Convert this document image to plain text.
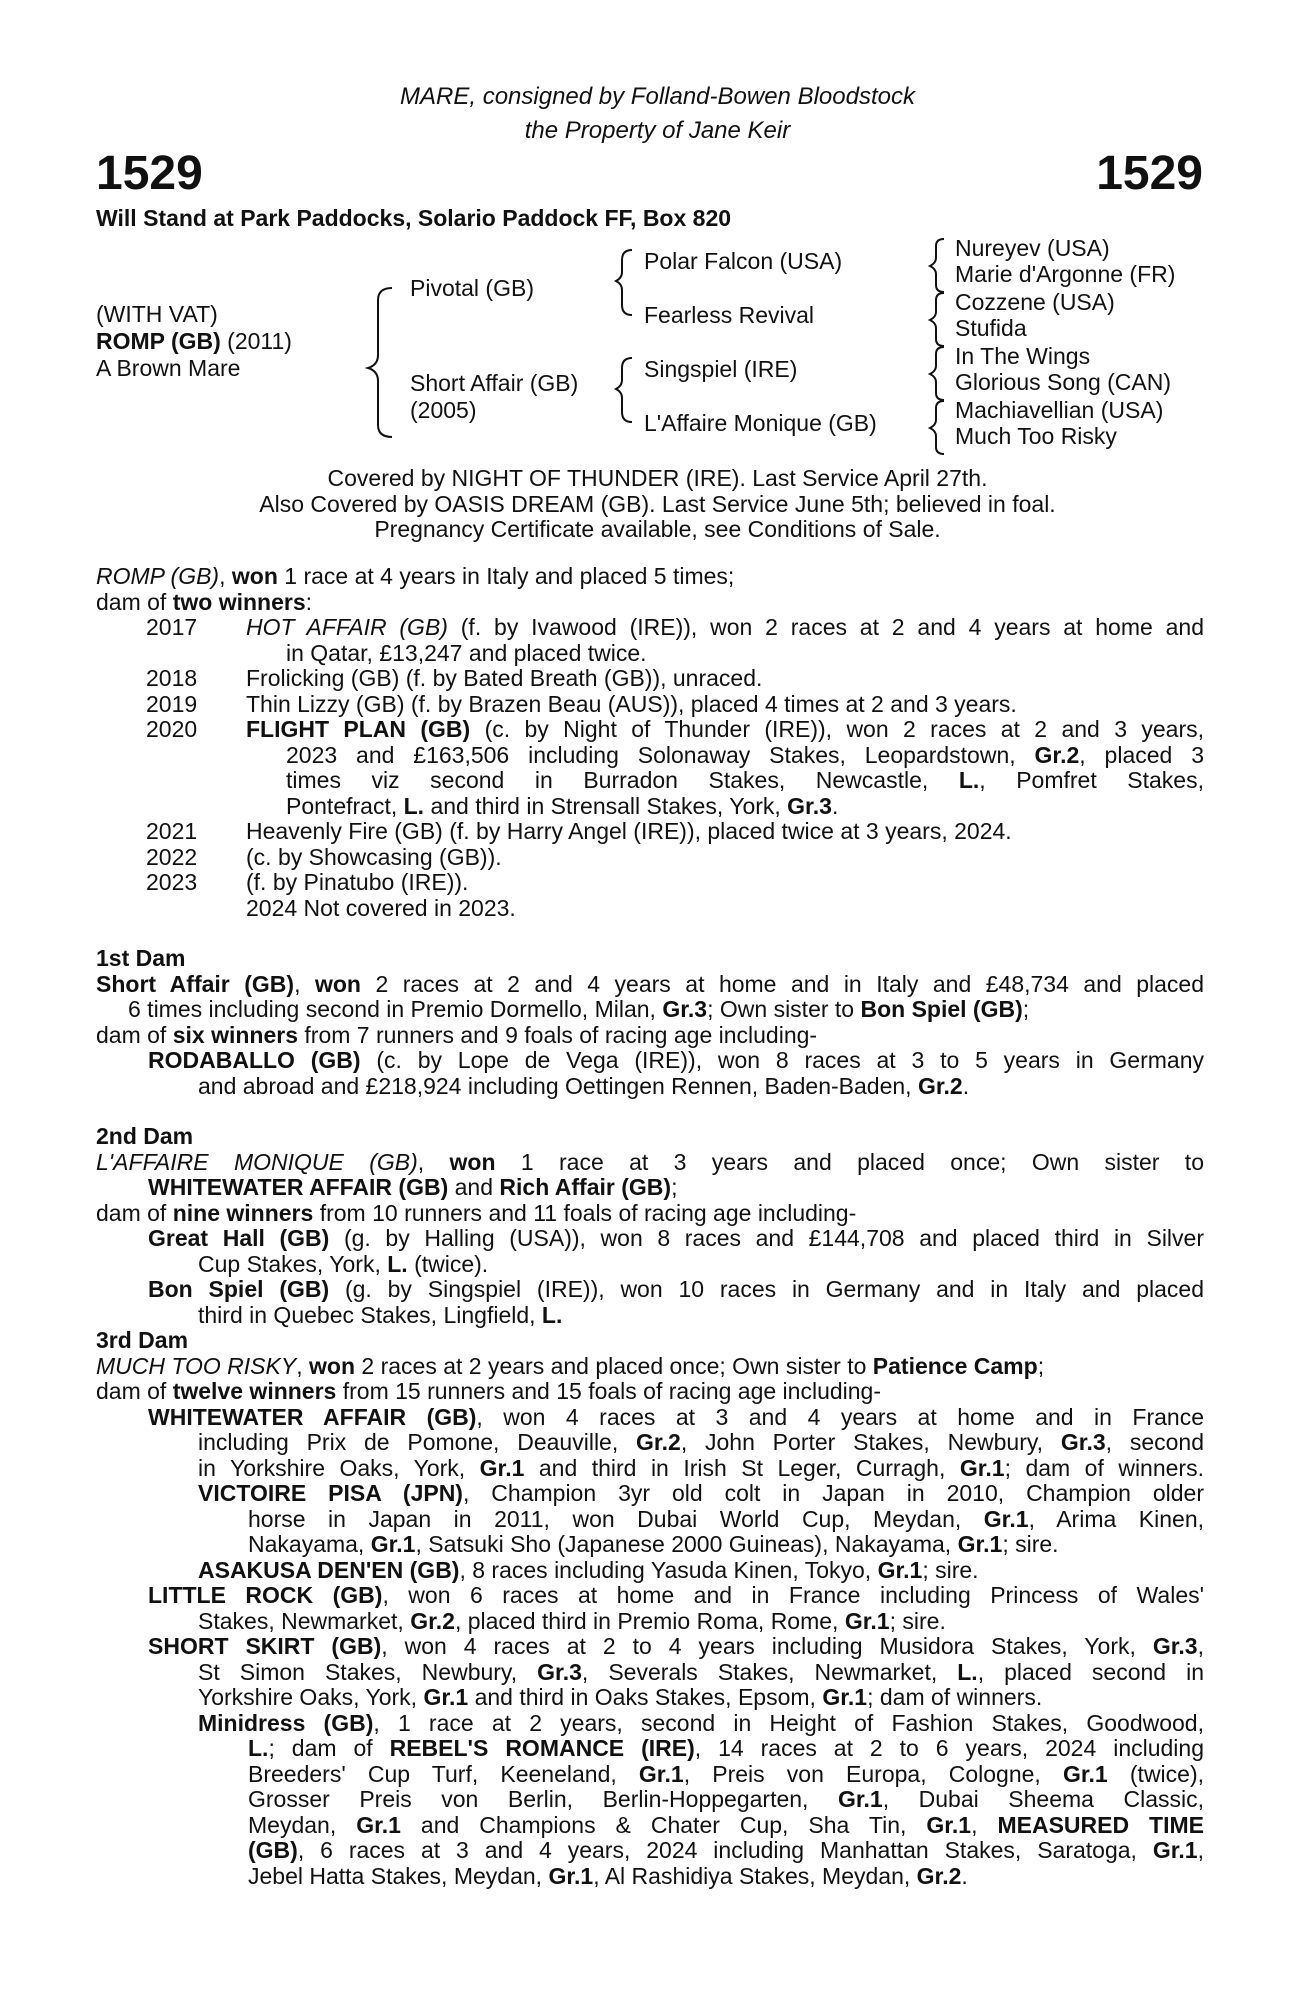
MARE, consigned by Folland-Bowen Bloodstock
the Property of Jane Keir
1529	1529
Will Stand at Park Paddocks, Solario Paddock FF, Box 820
(WITH VAT)
ROMP (GB) (2011)
A Brown Mare
Pivotal (GB)
Short Affair (GB)
(2005)
Polar Falcon (USA)
Fearless Revival
Singspiel (IRE)
L'Affaire Monique (GB)
Nureyev (USA)
Marie d'Argonne (FR)
Cozzene (USA)
Stufida
In The Wings
Glorious Song (CAN)
Machiavellian (USA)
Much Too Risky
Covered by NIGHT OF THUNDER (IRE). Last Service April 27th.
Also Covered by OASIS DREAM (GB). Last Service June 5th; believed in foal.
Pregnancy Certificate available, see Conditions of Sale.
ROMP (GB), won 1 race at 4 years in Italy and placed 5 times;
dam of two winners:
2017	HOT AFFAIR (GB) (f. by Ivawood (IRE)), won 2 races at 2 and 4 years at home and
in Qatar, £13,247 and placed twice.
2018	Frolicking (GB) (f. by Bated Breath (GB)), unraced.
2019	Thin Lizzy (GB) (f. by Brazen Beau (AUS)), placed 4 times at 2 and 3 years.
2020	FLIGHT PLAN (GB) (c. by Night of Thunder (IRE)), won 2 races at 2 and 3 years,
2023 and £163,506 including Solonaway Stakes, Leopardstown, Gr.2, placed 3
times viz second in Burradon Stakes, Newcastle, L., Pomfret Stakes,
Pontefract, L. and third in Strensall Stakes, York, Gr.3.
2021	Heavenly Fire (GB) (f. by Harry Angel (IRE)), placed twice at 3 years, 2024.
2022	(c. by Showcasing (GB)).
2023	(f. by Pinatubo (IRE)).
2024 Not covered in 2023.
1st Dam
Short Affair (GB), won 2 races at 2 and 4 years at home and in Italy and £48,734 and placed
6 times including second in Premio Dormello, Milan, Gr.3; Own sister to Bon Spiel (GB);
dam of six winners from 7 runners and 9 foals of racing age including-
RODABALLO (GB) (c. by Lope de Vega (IRE)), won 8 races at 3 to 5 years in Germany
and abroad and £218,924 including Oettingen Rennen, Baden-Baden, Gr.2.
2nd Dam
L'AFFAIRE MONIQUE (GB), won 1 race at 3 years and placed once; Own sister to
WHITEWATER AFFAIR (GB) and Rich Affair (GB);
dam of nine winners from 10 runners and 11 foals of racing age including-
Great Hall (GB) (g. by Halling (USA)), won 8 races and £144,708 and placed third in Silver
Cup Stakes, York, L. (twice).
Bon Spiel (GB) (g. by Singspiel (IRE)), won 10 races in Germany and in Italy and placed
third in Quebec Stakes, Lingfield, L.
3rd Dam
MUCH TOO RISKY, won 2 races at 2 years and placed once; Own sister to Patience Camp;
dam of twelve winners from 15 runners and 15 foals of racing age including-
WHITEWATER AFFAIR (GB), won 4 races at 3 and 4 years at home and in France
including Prix de Pomone, Deauville, Gr.2, John Porter Stakes, Newbury, Gr.3, second
in Yorkshire Oaks, York, Gr.1 and third in Irish St Leger, Curragh, Gr.1; dam of winners.
VICTOIRE PISA (JPN), Champion 3yr old colt in Japan in 2010, Champion older
horse in Japan in 2011, won Dubai World Cup, Meydan, Gr.1, Arima Kinen,
Nakayama, Gr.1, Satsuki Sho (Japanese 2000 Guineas), Nakayama, Gr.1; sire.
ASAKUSA DEN'EN (GB), 8 races including Yasuda Kinen, Tokyo, Gr.1; sire.
LITTLE ROCK (GB), won 6 races at home and in France including Princess of Wales'
Stakes, Newmarket, Gr.2, placed third in Premio Roma, Rome, Gr.1; sire.
SHORT SKIRT (GB), won 4 races at 2 to 4 years including Musidora Stakes, York, Gr.3,
St Simon Stakes, Newbury, Gr.3, Severals Stakes, Newmarket, L., placed second in
Yorkshire Oaks, York, Gr.1 and third in Oaks Stakes, Epsom, Gr.1; dam of winners.
Minidress (GB), 1 race at 2 years, second in Height of Fashion Stakes, Goodwood,
L.; dam of REBEL'S ROMANCE (IRE), 14 races at 2 to 6 years, 2024 including
Breeders' Cup Turf, Keeneland, Gr.1, Preis von Europa, Cologne, Gr.1 (twice),
Grosser Preis von Berlin, Berlin-Hoppegarten, Gr.1, Dubai Sheema Classic,
Meydan, Gr.1 and Champions & Chater Cup, Sha Tin, Gr.1, MEASURED TIME
(GB), 6 races at 3 and 4 years, 2024 including Manhattan Stakes, Saratoga, Gr.1,
Jebel Hatta Stakes, Meydan, Gr.1, Al Rashidiya Stakes, Meydan, Gr.2.
